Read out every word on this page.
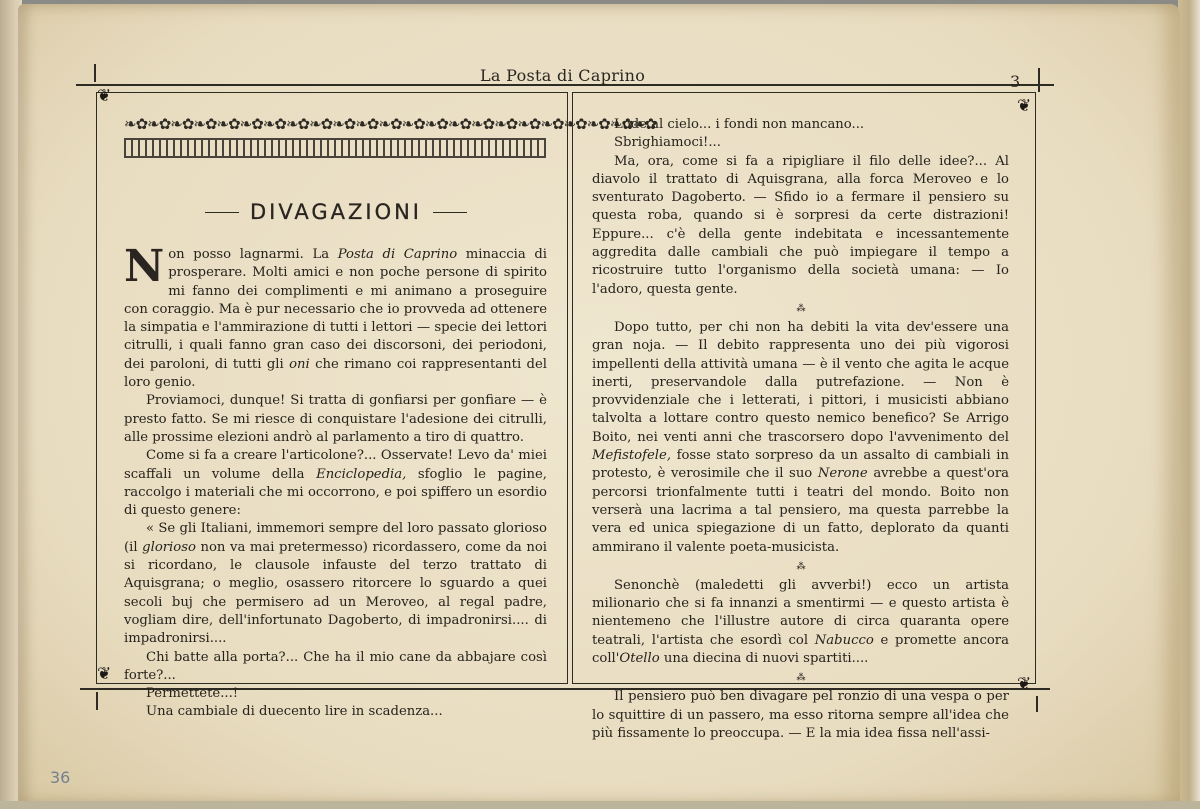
La Posta di Caprino	3
❦	❦
❦	❦
❧✿❧✿❧✿❧✿❧✿❧✿❧✿❧✿❧✿❧✿❧✿❧✿❧✿❧✿❧✿❧✿❧✿❧✿❧✿❧✿❧✿❧✿❧✿
DIVAGAZIONI

Non posso lagnarmi. La Posta di Caprino minaccia di prosperare. Molti amici e non poche persone di spirito mi fanno dei complimenti e mi animano a proseguire con coraggio. Ma è pur necessario che io provveda ad ottenere la simpatia e l'ammirazione di tutti i lettori — specie dei lettori citrulli, i quali fanno gran caso dei discorsoni, dei periodoni, dei paroloni, di tutti gli oni che rimano coi rappresentanti del loro genio.

Proviamoci, dunque! Si tratta di gonfiarsi per gonfiare — è presto fatto. Se mi riesce di conquistare l'adesione dei citrulli, alle prossime elezioni andrò al parlamento a tiro di quattro.

Come si fa a creare l'articolone?... Osservate! Levo da' miei scaffali un volume della Enciclopedia, sfoglio le pagine, raccolgo i materiali che mi occorrono, e poi spiffero un esordio di questo genere:

« Se gli Italiani, immemori sempre del loro passato glorioso (il glorioso non va mai pretermesso) ricordassero, come da noi si ricordano, le clausole infauste del terzo trattato di Aquisgrana; o meglio, osassero ritorcere lo sguardo a quei secoli buj che permisero ad un Meroveo, al regal padre, vogliam dire, dell'infortunato Dagoberto, di impadronirsi.... di impadronirsi....

Chi batte alla porta?... Che ha il mio cane da abbajare così forte?...

Permettete...!

Una cambiale di duecento lire in scadenza...

Lode al cielo... i fondi non mancano...

Sbrighiamoci!...

Ma, ora, come si fa a ripigliare il filo delle idee?... Al diavolo il trattato di Aquisgrana, alla forca Meroveo e lo sventurato Dagoberto. — Sfido io a fermare il pensiero su questa roba, quando si è sorpresi da certe distrazioni! Eppure... c'è della gente indebitata e incessantemente aggredita dalle cambiali che può impiegare il tempo a ricostruire tutto l'organismo della società umana: — Io l'adoro, questa gente.

⁂

Dopo tutto, per chi non ha debiti la vita dev'essere una gran noja. — Il debito rappresenta uno dei più vigorosi impellenti della attività umana — è il vento che agita le acque inerti, preservandole dalla putrefazione. — Non è provvidenziale che i letterati, i pittori, i musicisti abbiano talvolta a lottare contro questo nemico benefico? Se Arrigo Boito, nei venti anni che trascorsero dopo l'avvenimento del Mefistofele, fosse stato sorpreso da un assalto di cambiali in protesto, è verosimile che il suo Nerone avrebbe a quest'ora percorsi trionfalmente tutti i teatri del mondo. Boito non verserà una lacrima a tal pensiero, ma questa parrebbe la vera ed unica spiegazione di un fatto, deplorato da quanti ammirano il valente poeta-musicista.

⁂

Senonchè (maledetti gli avverbi!) ecco un artista milionario che si fa innanzi a smentirmi — e questo artista è nientemeno che l'illustre autore di circa quaranta opere teatrali, l'artista che esordì col Nabucco e promette ancora coll'Otello una diecina di nuovi spartiti....

⁂

Il pensiero può ben divagare pel ronzio di una vespa o per lo squittire di un passero, ma esso ritorna sempre all'idea che più fissamente lo preoccupa. — E la mia idea fissa nell'assi-

36
